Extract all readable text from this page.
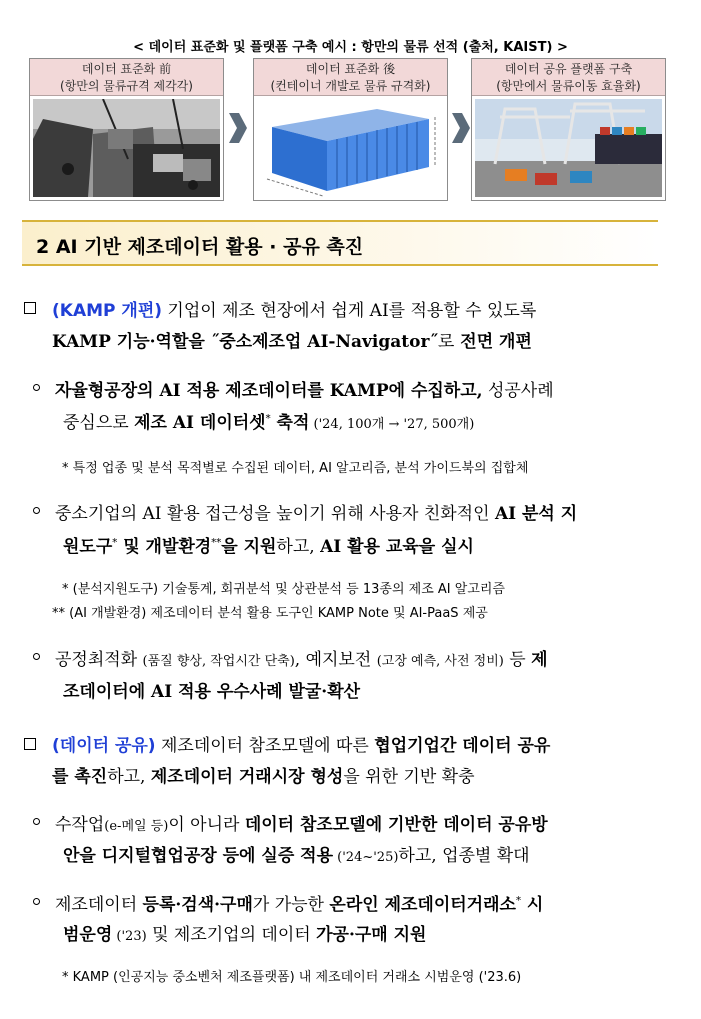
< 데이터 표준화 및 플랫폼 구축 예시 : 항만의 물류 선적 (출처, KAIST) >
데이터 표준화 前
(항만의 물류규격 제각각)
데이터 표준화 後
(컨테이너 개발로 물류 규격화)
데이터 공유 플랫폼 구축
(항만에서 물류이동 효율화)
2 AI 기반 제조데이터 활용 · 공유 촉진
(KAMP 개편) 기업이 제조 현장에서 쉽게 AI를 적용할 수 있도록
KAMP 기능·역할을 ˝중소제조업 AI-Navigator˝로 전면 개편
자율형공장의 AI 적용 제조데이터를 KAMP에 수집하고, 성공사례
중심으로 제조 AI 데이터셋* 축적 ('24, 100개 → '27, 500개)
* 특정 업종 및 분석 목적별로 수집된 데이터, AI 알고리즘, 분석 가이드북의 집합체
중소기업의 AI 활용 접근성을 높이기 위해 사용자 친화적인 AI 분석 지
원도구* 및 개발환경**을 지원하고, AI 활용 교육을 실시
* (분석지원도구) 기술통계, 회귀분석 및 상관분석 등 13종의 제조 AI 알고리즘
** (AI 개발환경) 제조데이터 분석 활용 도구인 KAMP Note 및 AI-PaaS 제공
공정최적화 (품질 향상, 작업시간 단축), 예지보전 (고장 예측, 사전 정비) 등 제
조데이터에 AI 적용 우수사례 발굴·확산
(데이터 공유) 제조데이터 참조모델에 따른 협업기업간 데이터 공유
를 촉진하고, 제조데이터 거래시장 형성을 위한 기반 확충
수작업(e-메일 등)이 아니라 데이터 참조모델에 기반한 데이터 공유방
안을 디지털협업공장 등에 실증 적용 ('24~'25)하고, 업종별 확대
제조데이터 등록·검색·구매가 가능한 온라인 제조데이터거래소* 시
범운영 ('23) 및 제조기업의 데이터 가공·구매 지원
* KAMP (인공지능 중소벤처 제조플랫폼) 내 제조데이터 거래소 시범운영 ('23.6)
